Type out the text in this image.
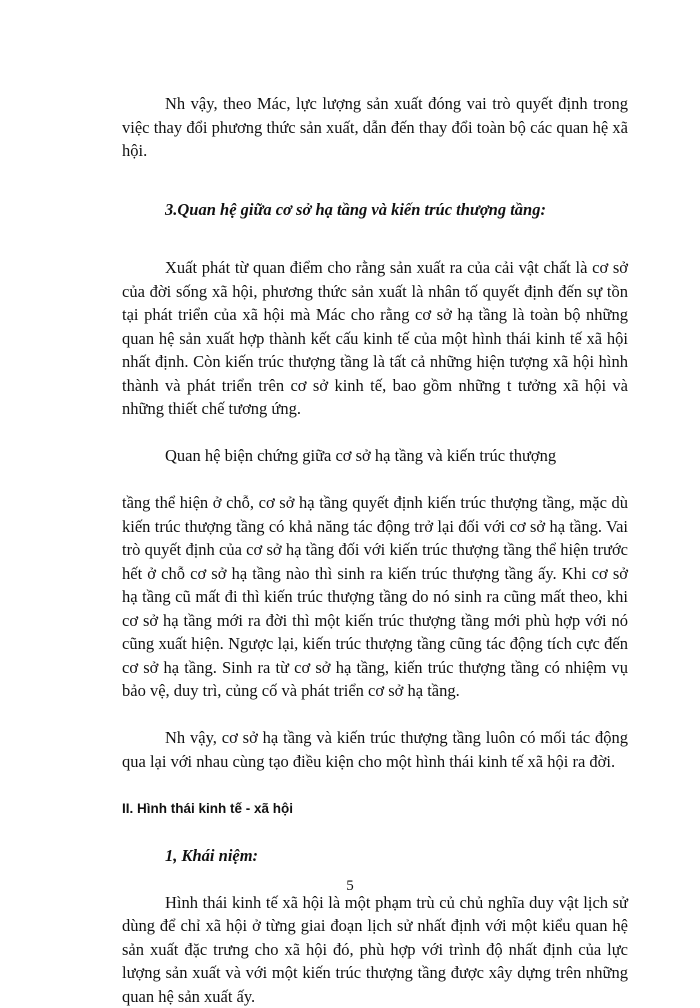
Nh vậy, theo Mác, lực lượng sản xuất đóng vai trò quyết định trong việc thay đổi phương thức sản xuất, dẫn đến thay đổi toàn bộ các quan hệ xã hội.

3.Quan hệ giữa cơ sở hạ tầng và kiến trúc thượng tầng:

Xuất phát từ quan điểm cho rằng sản xuất ra của cải vật chất là cơ sở của đời sống xã hội, phương thức sản xuất là nhân tố quyết định đến sự tồn tại phát triển của xã hội mà Mác cho rằng cơ sở hạ tầng là toàn bộ những quan hệ sản xuất hợp thành kết cấu kinh tế của một hình thái kinh tế xã hội nhất định. Còn kiến trúc thượng tầng là tất cả những hiện tượng xã hội hình thành và phát triển trên cơ sở kinh tế, bao gồm những t tưởng xã hội và những thiết chế tương ứng.

Quan hệ biện chứng giữa cơ sở hạ tầng và kiến trúc thượng

tầng thể hiện ở chỗ, cơ sở hạ tầng quyết định kiến trúc thượng tầng, mặc dù kiến trúc thượng tầng có khả năng tác động trở lại đối với cơ sở hạ tầng. Vai trò quyết định của cơ sở hạ tầng đối với kiến trúc thượng tầng thể hiện trước hết ở chỗ cơ sở hạ tầng nào thì sinh ra kiến trúc thượng tầng ấy. Khi cơ sở hạ tầng cũ mất đi thì kiến trúc thượng tầng do nó sinh ra cũng mất theo, khi cơ sở hạ tầng mới ra đời thì một kiến trúc thượng tầng mới phù hợp với nó cũng xuất hiện. Ngược lại, kiến trúc thượng tầng cũng tác động tích cực đến cơ sở hạ tầng. Sinh ra từ cơ sở hạ tầng, kiến trúc thượng tầng có nhiệm vụ bảo vệ, duy trì, củng cố và phát triển cơ sở hạ tầng.

Nh vậy, cơ sở hạ tầng và kiến trúc thượng tầng luôn có mối tác động qua lại với nhau cùng tạo điều kiện cho một hình thái kinh tế xã hội ra đời.

II. Hình thái kinh tế - xã hội

1, Khái niệm:

Hình thái kinh tế xã hội là một phạm trù củ chủ nghĩa duy vật lịch sử dùng để chỉ xã hội ở từng giai đoạn lịch sử nhất định với một kiểu quan hệ sản xuất đặc trưng cho xã hội đó, phù hợp với trình độ nhất định của lực lượng sản xuất và với một kiến trúc thượng tầng được xây dựng trên những quan hệ sản xuất ấy.

5
